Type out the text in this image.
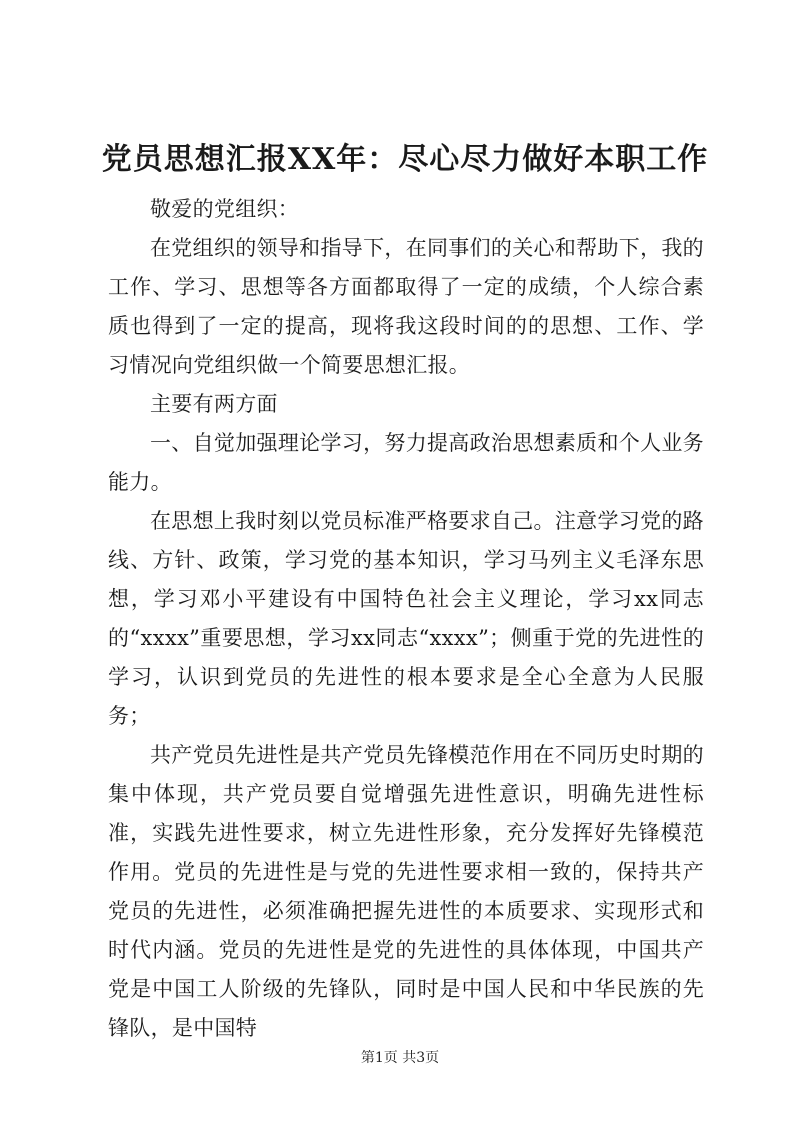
党员思想汇报XX年：尽心尽力做好本职工作

敬爱的党组织：

在党组织的领导和指导下，在同事们的关心和帮助下，我的工作、学习、思想等各方面都取得了一定的成绩，个人综合素质也得到了一定的提高，现将我这段时间的的思想、工作、学习情况向党组织做一个简要思想汇报。

主要有两方面

一、自觉加强理论学习，努力提高政治思想素质和个人业务能力。

在思想上我时刻以党员标准严格要求自己。注意学习党的路线、方针、政策，学习党的基本知识，学习马列主义毛泽东思想，学习邓小平建设有中国特色社会主义理论，学习xx同志的“xxxx”重要思想，学习xx同志“xxxx”；侧重于党的先进性的学习，认识到党员的先进性的根本要求是全心全意为人民服务；

共产党员先进性是共产党员先锋模范作用在不同历史时期的集中体现，共产党员要自觉增强先进性意识，明确先进性标准，实践先进性要求，树立先进性形象，充分发挥好先锋模范作用。党员的先进性是与党的先进性要求相一致的，保持共产党员的先进性，必须准确把握先进性的本质要求、实现形式和时代内涵。党员的先进性是党的先进性的具体体现，中国共产党是中国工人阶级的先锋队，同时是中国人民和中华民族的先锋队，是中国特

第1页 共3页
